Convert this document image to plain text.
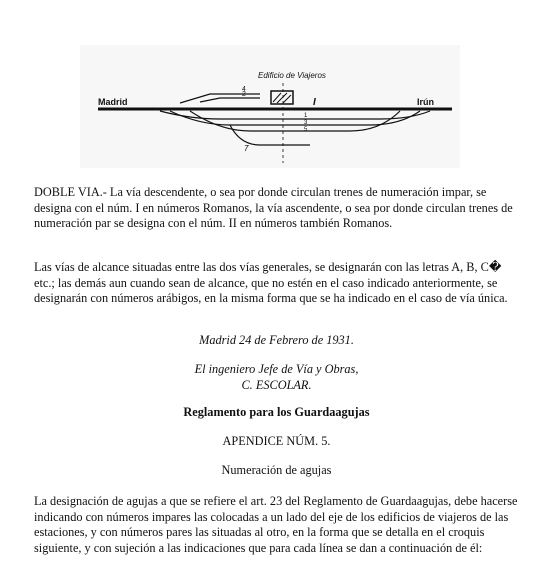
Edificio de Viajeros
Madrid	Irún
I
4
2
1
3
5
7

DOBLE VIA.- La vía descendente, o sea por donde circulan trenes de numeración impar, se designa con el núm. I en números Romanos, la vía ascendente, o sea por donde circulan trenes de numeración par se designa con el núm. II en números también Romanos.

Las vías de alcance situadas entre las dos vías generales, se designarán con las letras A, B, C� etc.; las demás aun cuando sean de alcance, que no estén en el caso indicado anteriormente, se designarán con números arábigos, en la misma forma que se ha indicado en el caso de vía única.

Madrid 24 de Febrero de 1931.

El ingeniero Jefe de Vía y Obras,
C. ESCOLAR.

Reglamento para los Guardaagujas

APENDICE NÚM. 5.

Numeración de agujas

La designación de agujas a que se refiere el art. 23 del Reglamento de Guardaagujas, debe hacerse indicando con números impares las colocadas a un lado del eje de los edificios de viajeros de las estaciones, y con números pares las situadas al otro, en la forma que se detalla en el croquis siguiente, y con sujeción a las indicaciones que para cada línea se dan a continuación de él:
